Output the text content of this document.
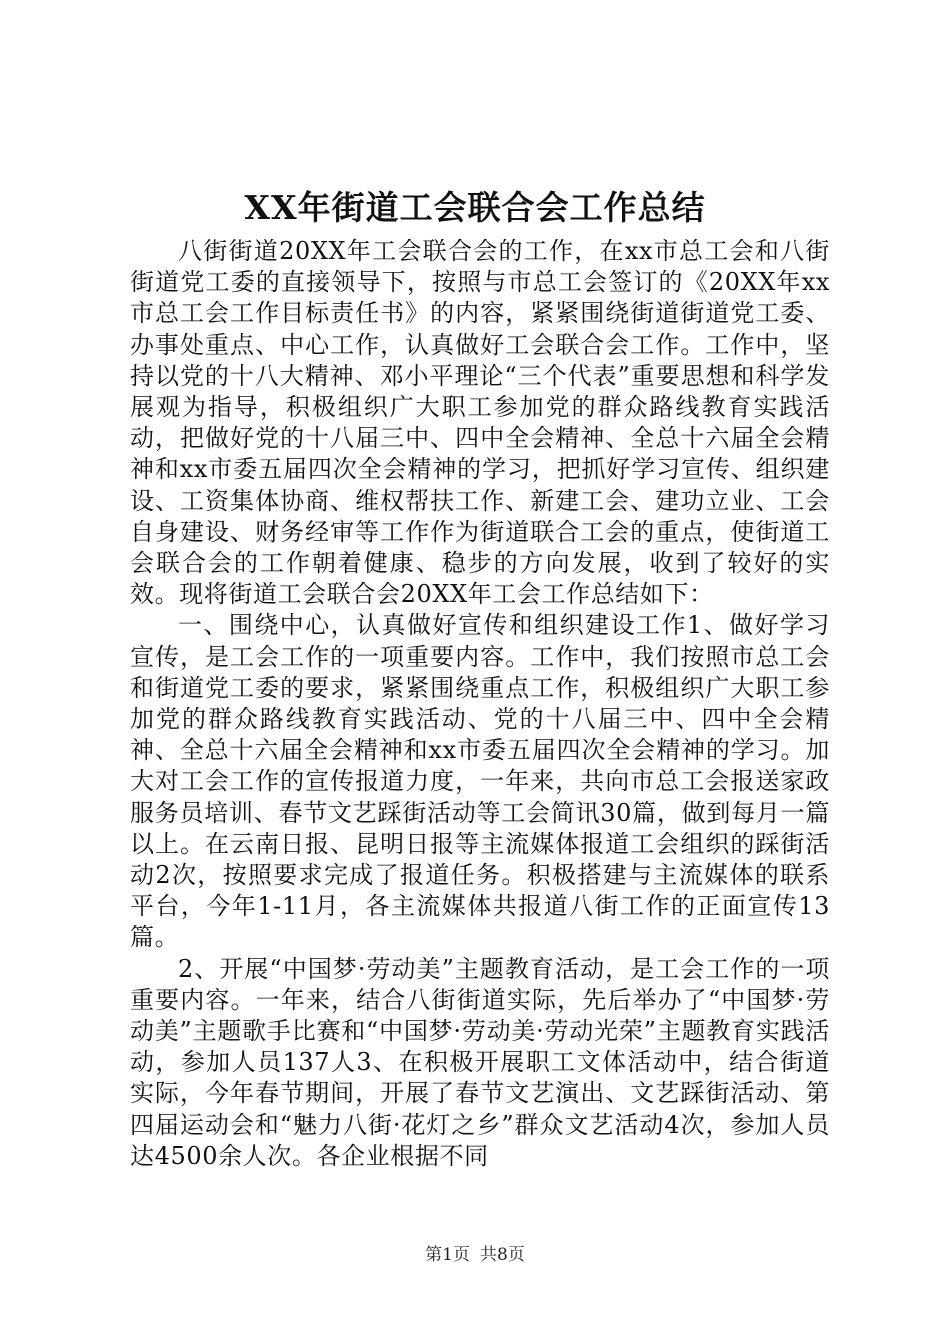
XX年街道工会联合会工作总结

八街街道20XX年工会联合会的工作，在xx市总工会和八街街道党工委的直接领导下，按照与市总工会签订的《20XX年xx市总工会工作目标责任书》的内容，紧紧围绕街道街道党工委、办事处重点、中心工作，认真做好工会联合会工作。工作中，坚持以党的十八大精神、邓小平理论“三个代表”重要思想和科学发展观为指导，积极组织广大职工参加党的群众路线教育实践活动，把做好党的十八届三中、四中全会精神、全总十六届全会精神和xx市委五届四次全会精神的学习，把抓好学习宣传、组织建设、工资集体协商、维权帮扶工作、新建工会、建功立业、工会自身建设、财务经审等工作作为街道联合工会的重点，使街道工会联合会的工作朝着健康、稳步的方向发展，收到了较好的实效。现将街道工会联合会20XX年工会工作总结如下：

一、围绕中心，认真做好宣传和组织建设工作1、做好学习宣传，是工会工作的一项重要内容。工作中，我们按照市总工会和街道党工委的要求，紧紧围绕重点工作，积极组织广大职工参加党的群众路线教育实践活动、党的十八届三中、四中全会精神、全总十六届全会精神和xx市委五届四次全会精神的学习。加大对工会工作的宣传报道力度，一年来，共向市总工会报送家政服务员培训、春节文艺踩街活动等工会简讯30篇，做到每月一篇以上。在云南日报、昆明日报等主流媒体报道工会组织的踩街活动2次，按照要求完成了报道任务。积极搭建与主流媒体的联系平台，今年1-11月，各主流媒体共报道八街工作的正面宣传13篇。

2、开展“中国梦·劳动美”主题教育活动，是工会工作的一项重要内容。一年来，结合八街街道实际，先后举办了“中国梦·劳动美”主题歌手比赛和“中国梦·劳动美·劳动光荣”主题教育实践活动，参加人员137人3、在积极开展职工文体活动中，结合街道实际，今年春节期间，开展了春节文艺演出、文艺踩街活动、第四届运动会和“魅力八街·花灯之乡”群众文艺活动4次，参加人员达4500余人次。各企业根据不同

第1页 共8页
